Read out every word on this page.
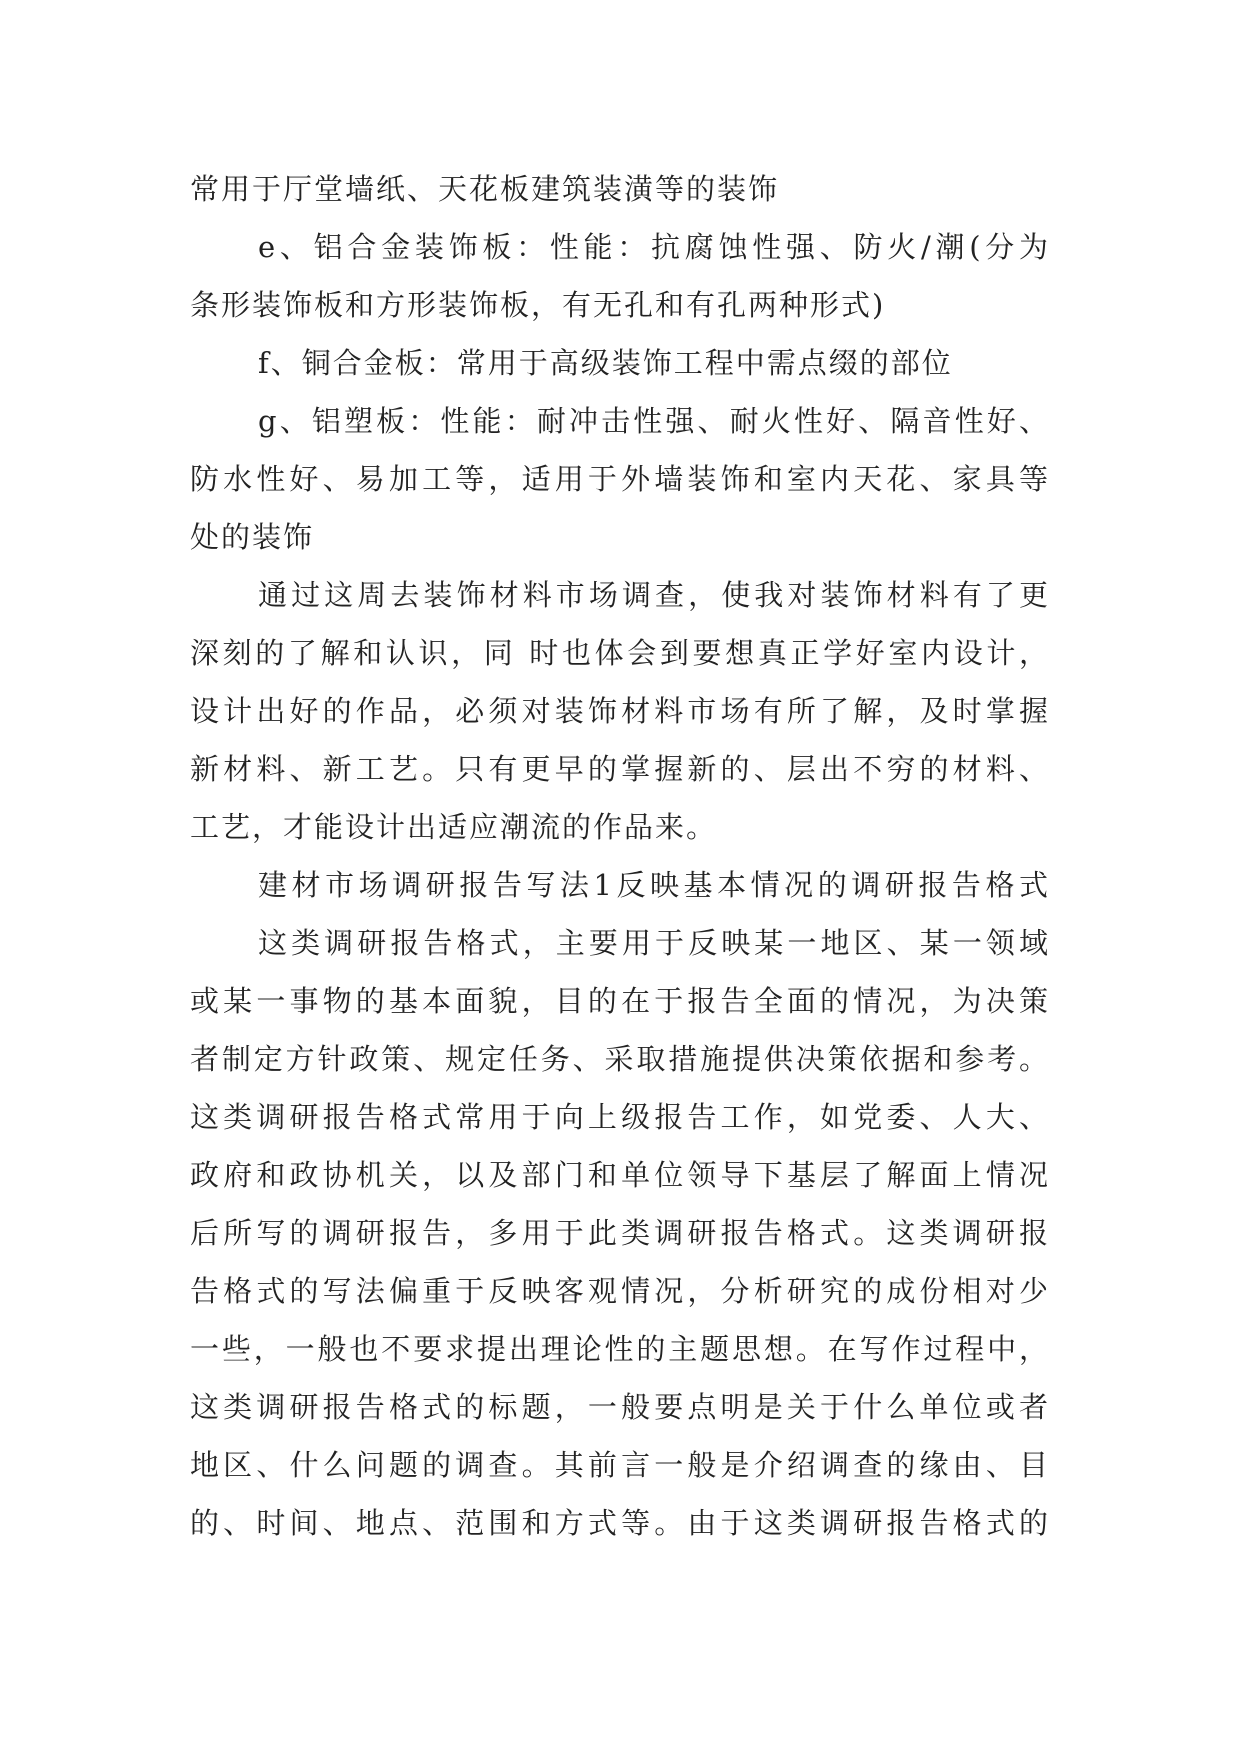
常用于厅堂墙纸、天花板建筑装潢等的装饰
e、铝合金装饰板：性能：抗腐蚀性强、防火/潮(分为
条形装饰板和方形装饰板，有无孔和有孔两种形式)
f、铜合金板：常用于高级装饰工程中需点缀的部位
g、铝塑板：性能：耐冲击性强、耐火性好、隔音性好、
防水性好、易加工等，适用于外墙装饰和室内天花、家具等
处的装饰
通过这周去装饰材料市场调查，使我对装饰材料有了更
深刻的了解和认识，同 时也体会到要想真正学好室内设计，
设计出好的作品，必须对装饰材料市场有所了解，及时掌握
新材料、新工艺。只有更早的掌握新的、层出不穷的材料、
工艺，才能设计出适应潮流的作品来。
建材市场调研报告写法1反映基本情况的调研报告格式
这类调研报告格式，主要用于反映某一地区、某一领域
或某一事物的基本面貌，目的在于报告全面的情况，为决策
者制定方针政策、规定任务、采取措施提供决策依据和参考。
这类调研报告格式常用于向上级报告工作，如党委、人大、
政府和政协机关，以及部门和单位领导下基层了解面上情况
后所写的调研报告，多用于此类调研报告格式。这类调研报
告格式的写法偏重于反映客观情况，分析研究的成份相对少
一些，一般也不要求提出理论性的主题思想。在写作过程中，
这类调研报告格式的标题，一般要点明是关于什么单位或者
地区、什么问题的调查。其前言一般是介绍调查的缘由、目
的、时间、地点、范围和方式等。由于这类调研报告格式的
